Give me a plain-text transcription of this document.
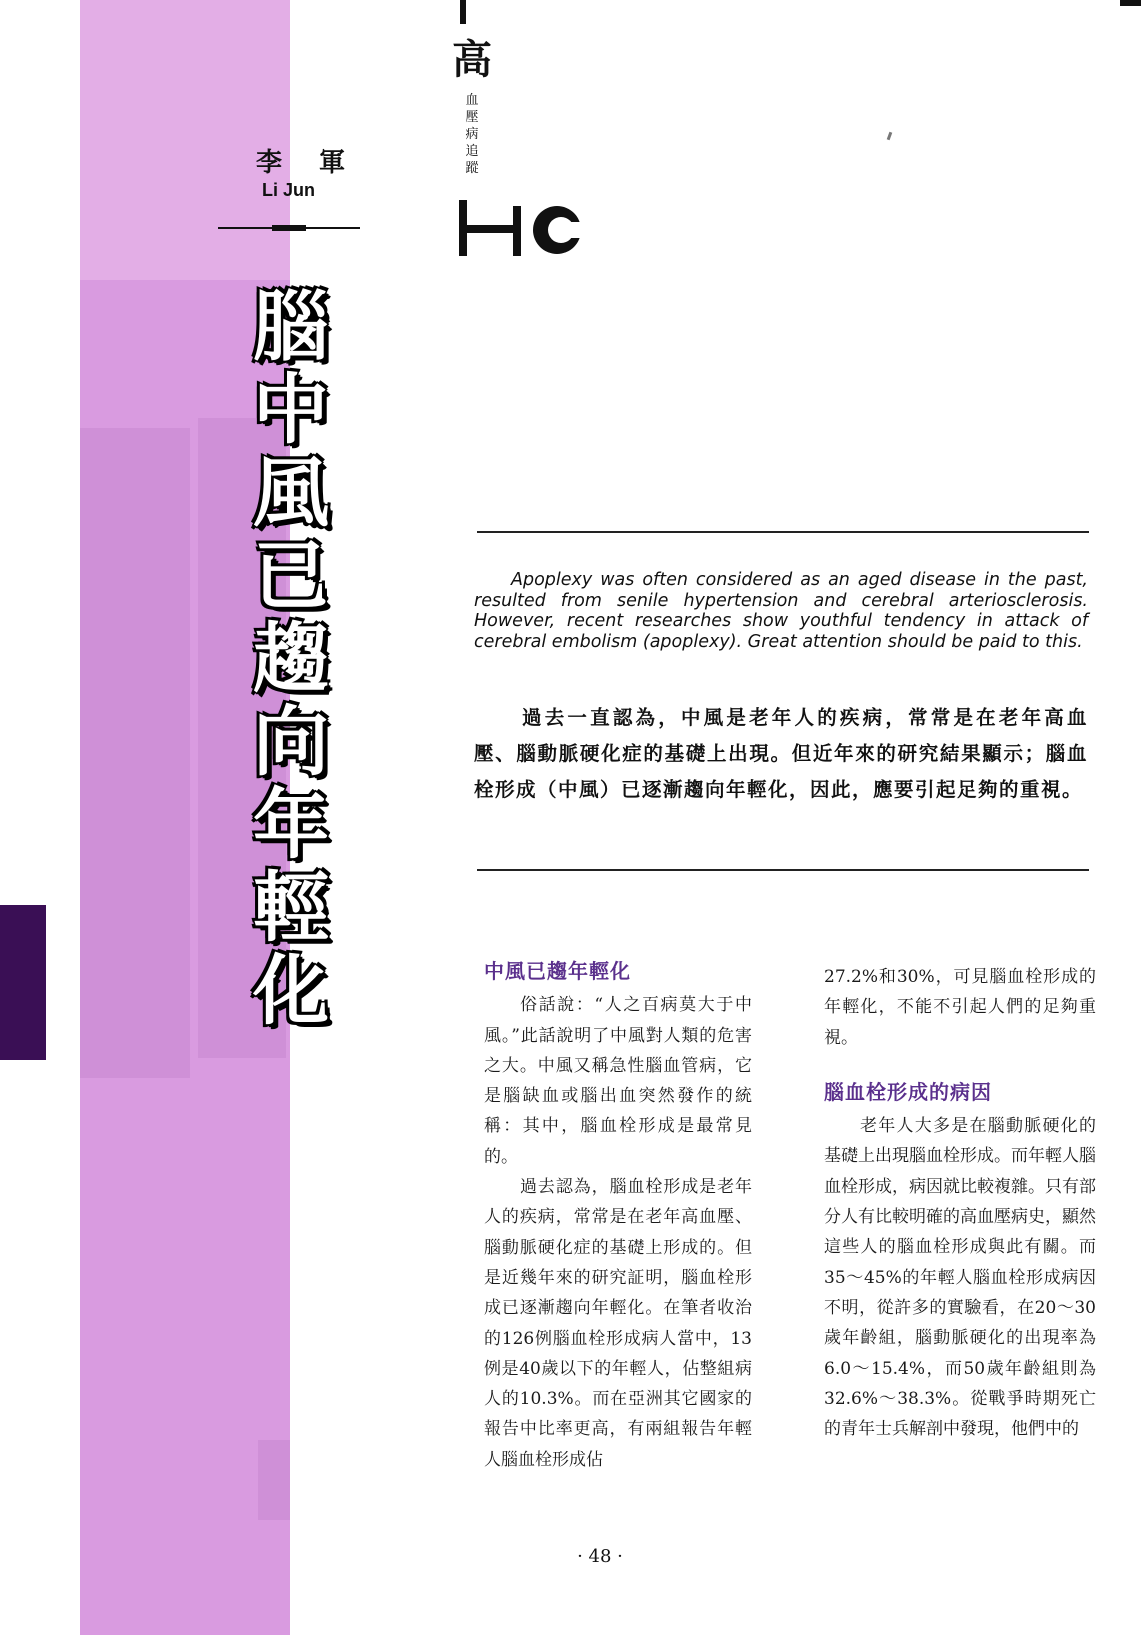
高
血壓病追蹤
李 軍
Li Jun
腦
中
風
已
趨
向
年
輕
化
Apoplexy was often considered as an aged disease in the past, resulted from senile hypertension and cerebral arteriosclerosis. However, recent researches show youthful tendency in attack of cerebral embolism (apoplexy). Great attention should be paid to this.
過去一直認為，中風是老年人的疾病，常常是在老年高血壓、腦動脈硬化症的基礎上出現。但近年來的研究結果顯示；腦血栓形成（中風）已逐漸趨向年輕化，因此，應要引起足夠的重視。
中風已趨年輕化

俗話說：“人之百病莫大于中風。”此話說明了中風對人類的危害之大。中風又稱急性腦血管病，它是腦缺血或腦出血突然發作的統稱：其中，腦血栓形成是最常見的。

過去認為，腦血栓形成是老年人的疾病，常常是在老年高血壓、腦動脈硬化症的基礎上形成的。但是近幾年來的研究証明，腦血栓形成已逐漸趨向年輕化。在筆者收治的126例腦血栓形成病人當中，13例是40歲以下的年輕人，佔整組病人的10.3%。而在亞洲其它國家的報告中比率更高，有兩組報告年輕人腦血栓形成佔

27.2%和30%，可見腦血栓形成的年輕化，不能不引起人們的足夠重視。

腦血栓形成的病因

老年人大多是在腦動脈硬化的基礎上出現腦血栓形成。而年輕人腦血栓形成，病因就比較複雜。只有部分人有比較明確的高血壓病史，顯然這些人的腦血栓形成與此有關。而35～45%的年輕人腦血栓形成病因不明，從許多的實驗看，在20～30歲年齡組，腦動脈硬化的出現率為6.0～15.4%，而50歲年齡組則為32.6%～38.3%。從戰爭時期死亡的青年士兵解剖中發現，他們中的

· 48 ·
